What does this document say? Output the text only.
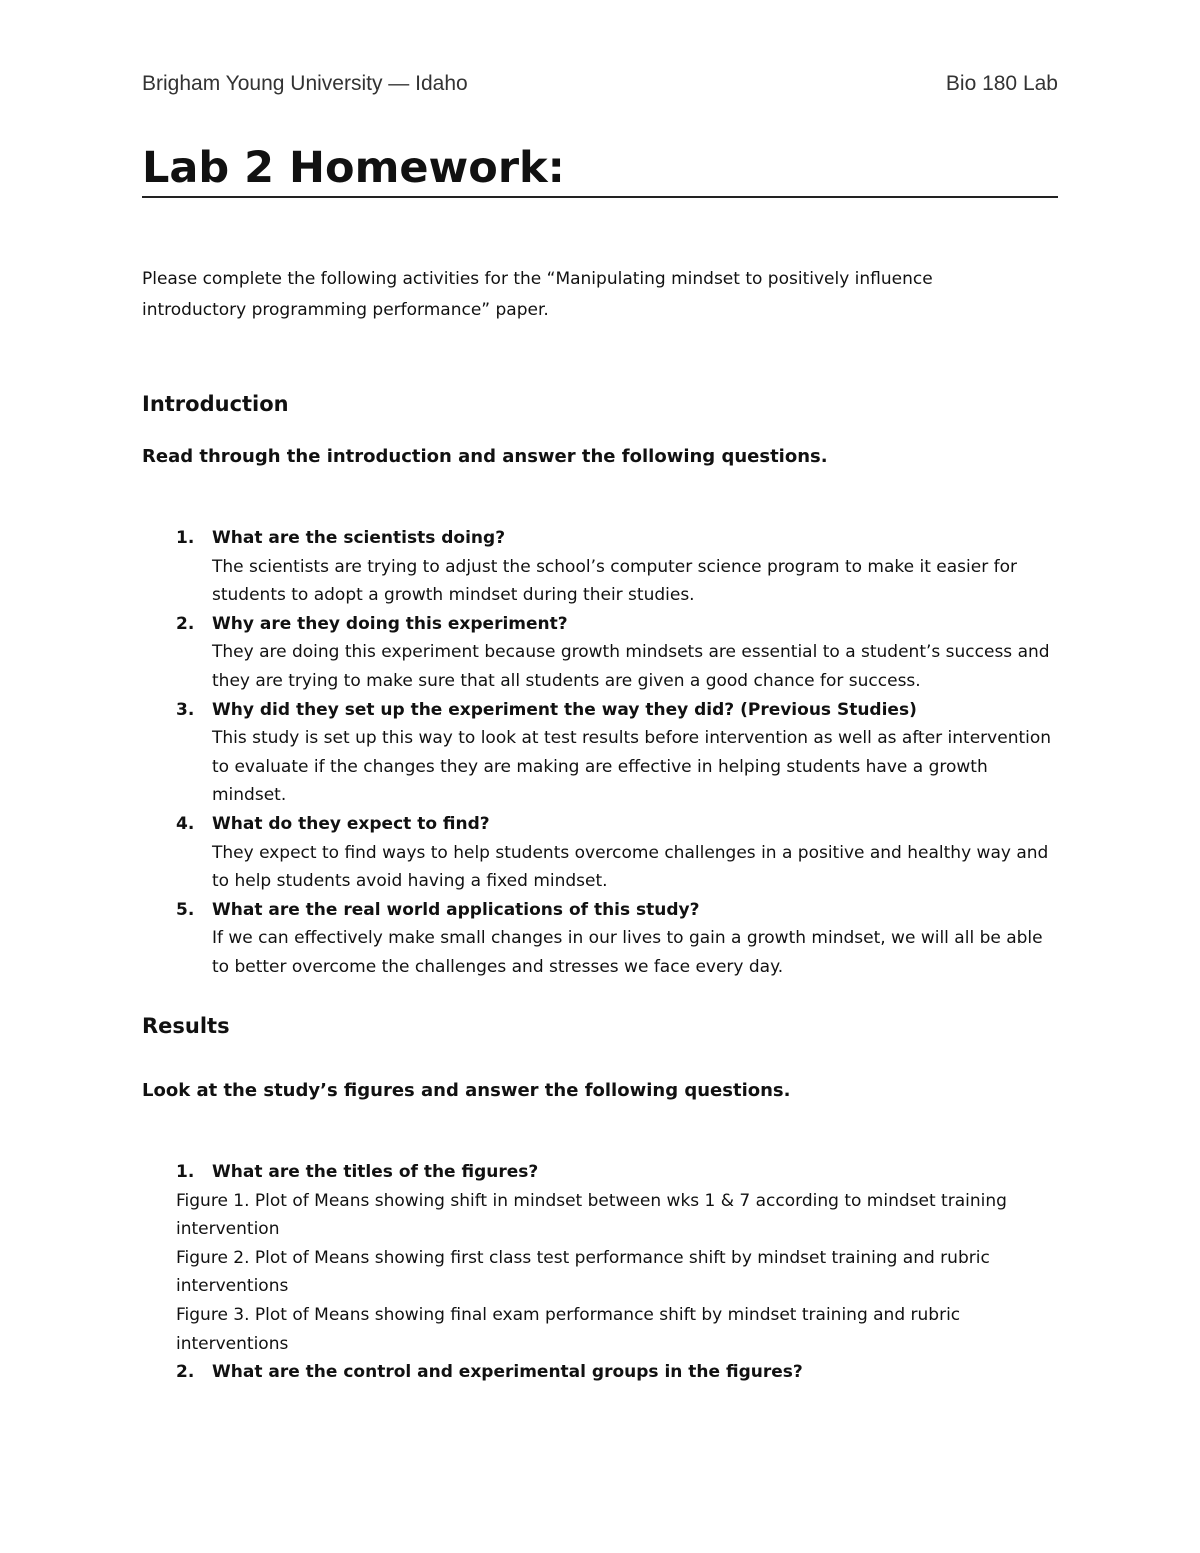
Brigham Young University — Idaho	Bio 180 Lab
Lab 2 Homework:
Please complete the following activities for the “Manipulating mindset to positively influence introductory programming performance” paper.
Introduction
Read through the introduction and answer the following questions.
1. What are the scientists doing?
The scientists are trying to adjust the school’s computer science program to make it easier for students to adopt a growth mindset during their studies.
2. Why are they doing this experiment?
They are doing this experiment because growth mindsets are essential to a student’s success and they are trying to make sure that all students are given a good chance for success.
3. Why did they set up the experiment the way they did? (Previous Studies)
This study is set up this way to look at test results before intervention as well as after intervention to evaluate if the changes they are making are effective in helping students have a growth mindset.
4. What do they expect to find?
They expect to find ways to help students overcome challenges in a positive and healthy way and to help students avoid having a fixed mindset.
5. What are the real world applications of this study?
If we can effectively make small changes in our lives to gain a growth mindset, we will all be able to better overcome the challenges and stresses we face every day.
Results
Look at the study’s figures and answer the following questions.
1. What are the titles of the figures?
Figure 1. Plot of Means showing shift in mindset between wks 1 & 7 according to mindset training intervention
Figure 2. Plot of Means showing first class test performance shift by mindset training and rubric interventions
Figure 3. Plot of Means showing final exam performance shift by mindset training and rubric interventions
2. What are the control and experimental groups in the figures?
